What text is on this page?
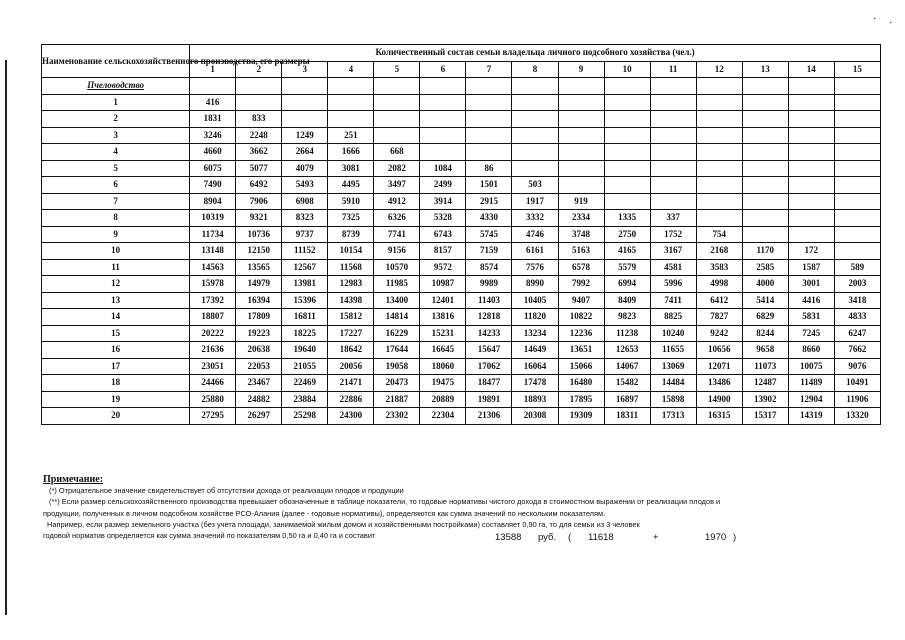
· ·
Наименование сельскохозяйственного производства, его размеры	Количественный состав семьи владельца личного подсобного хозяйства (чел.)														
	1	2	3	4	5	6	7	8	9	10	11	12	13	14	15
Пчеловодство															
1	416														
2	1831	833													
3	3246	2248	1249	251											
4	4660	3662	2664	1666	668										
5	6075	5077	4079	3081	2082	1084	86								
6	7490	6492	5493	4495	3497	2499	1501	503							
7	8904	7906	6908	5910	4912	3914	2915	1917	919						
8	10319	9321	8323	7325	6326	5328	4330	3332	2334	1335	337				
9	11734	10736	9737	8739	7741	6743	5745	4746	3748	2750	1752	754			
10	13148	12150	11152	10154	9156	8157	7159	6161	5163	4165	3167	2168	1170	172	
11	14563	13565	12567	11568	10570	9572	8574	7576	6578	5579	4581	3583	2585	1587	589
12	15978	14979	13981	12983	11985	10987	9989	8990	7992	6994	5996	4998	4000	3001	2003
13	17392	16394	15396	14398	13400	12401	11403	10405	9407	8409	7411	6412	5414	4416	3418
14	18807	17809	16811	15812	14814	13816	12818	11820	10822	9823	8825	7827	6829	5831	4833
15	20222	19223	18225	17227	16229	15231	14233	13234	12236	11238	10240	9242	8244	7245	6247
16	21636	20638	19640	18642	17644	16645	15647	14649	13651	12653	11655	10656	9658	8660	7662
17	23051	22053	21055	20056	19058	18060	17062	16064	15066	14067	13069	12071	11073	10075	9076
18	24466	23467	22469	21471	20473	19475	18477	17478	16480	15482	14484	13486	12487	11489	10491
19	25880	24882	23884	22886	21887	20889	19891	18893	17895	16897	15898	14900	13902	12904	11906
20	27295	26297	25298	24300	23302	22304	21306	20308	19309	18311	17313	16315	15317	14319	13320
Примечание:
(*) Отрицательное значение свидетельствует об отсутствии дохода от реализации плодов и продукции
(**) Если размер сельскохозяйственного производства превышает обозначенные в таблице показатели, то годовые нормативы чистого дохода в стоимостном выражении от реализации плодов и
продукции, полученных в личном подсобном хозяйстве РСО-Алания (далее - годовые нормативы), определяются как сумма значений по нескольким показателям.
Например, если размер земельного участка (без учета площади, занимаемой жилым домом и хозяйственными постройками) составляет 0,90 га, то для семьи из 3 человек
годовой норматив определяется как сумма значений по показателям 0,50 га и 0,40 га и составит	13588 руб. ( 11618	+	1970 )
